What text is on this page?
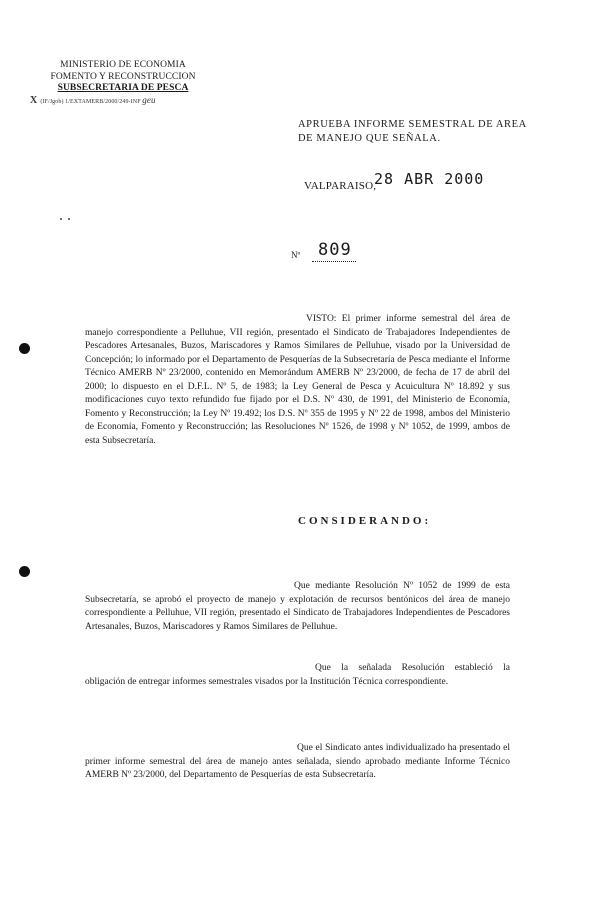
MINISTERIO DE ECONOMIA
FOMENTO Y RECONSTRUCCION
SUBSECRETARIA DE PESCA
X (IF/Jgob) 1/EXTAMERB/2000/249-INF geu
APRUEBA INFORME SEMESTRAL DE AREA DE MANEJO QUE SEÑALA.
VALPARAISO,
28 ABR 2000
Nº	809
VISTO: El primer informe semestral del área de manejo correspondiente a Pelluhue, VII región, presentado el Sindicato de Trabajadores Independientes de Pescadores Artesanales, Buzos, Mariscadores y Ramos Similares de Pelluhue, visado por la Universidad de Concepción; lo informado por el Departamento de Pesquerías de la Subsecretaría de Pesca mediante el Informe Técnico AMERB Nº 23/2000, contenido en Memorándum AMERB Nº 23/2000, de fecha de 17 de abril del 2000; lo dispuesto en el D.F.L. Nº 5, de 1983; la Ley General de Pesca y Acuicultura Nº 18.892 y sus modificaciones cuyo texto refundido fue fijado por el D.S. Nº 430, de 1991, del Ministerio de Economía, Fomento y Reconstrucción; la Ley Nº 19.492; los D.S. Nº 355 de 1995 y Nº 22 de 1998, ambos del Ministerio de Economía, Fomento y Reconstrucción; las Resoluciones Nº 1526, de 1998 y Nº 1052, de 1999, ambos de esta Subsecretaría.
CONSIDERANDO:
Que mediante Resolución Nº 1052 de 1999 de esta Subsecretaría, se aprobó el proyecto de manejo y explotación de recursos bentónicos del área de manejo correspondiente a Pelluhue, VII región, presentado el Sindicato de Trabajadores Independientes de Pescadores Artesanales, Buzos, Mariscadores y Ramos Similares de Pelluhue.
Que la señalada Resolución estableció la obligación de entregar informes semestrales visados por la Institución Técnica correspondiente.
Que el Sindicato antes individualizado ha presentado el primer informe semestral del área de manejo antes señalada, siendo aprobado mediante Informe Técnico AMERB Nº 23/2000, del Departamento de Pesquerías de esta Subsecretaría.
